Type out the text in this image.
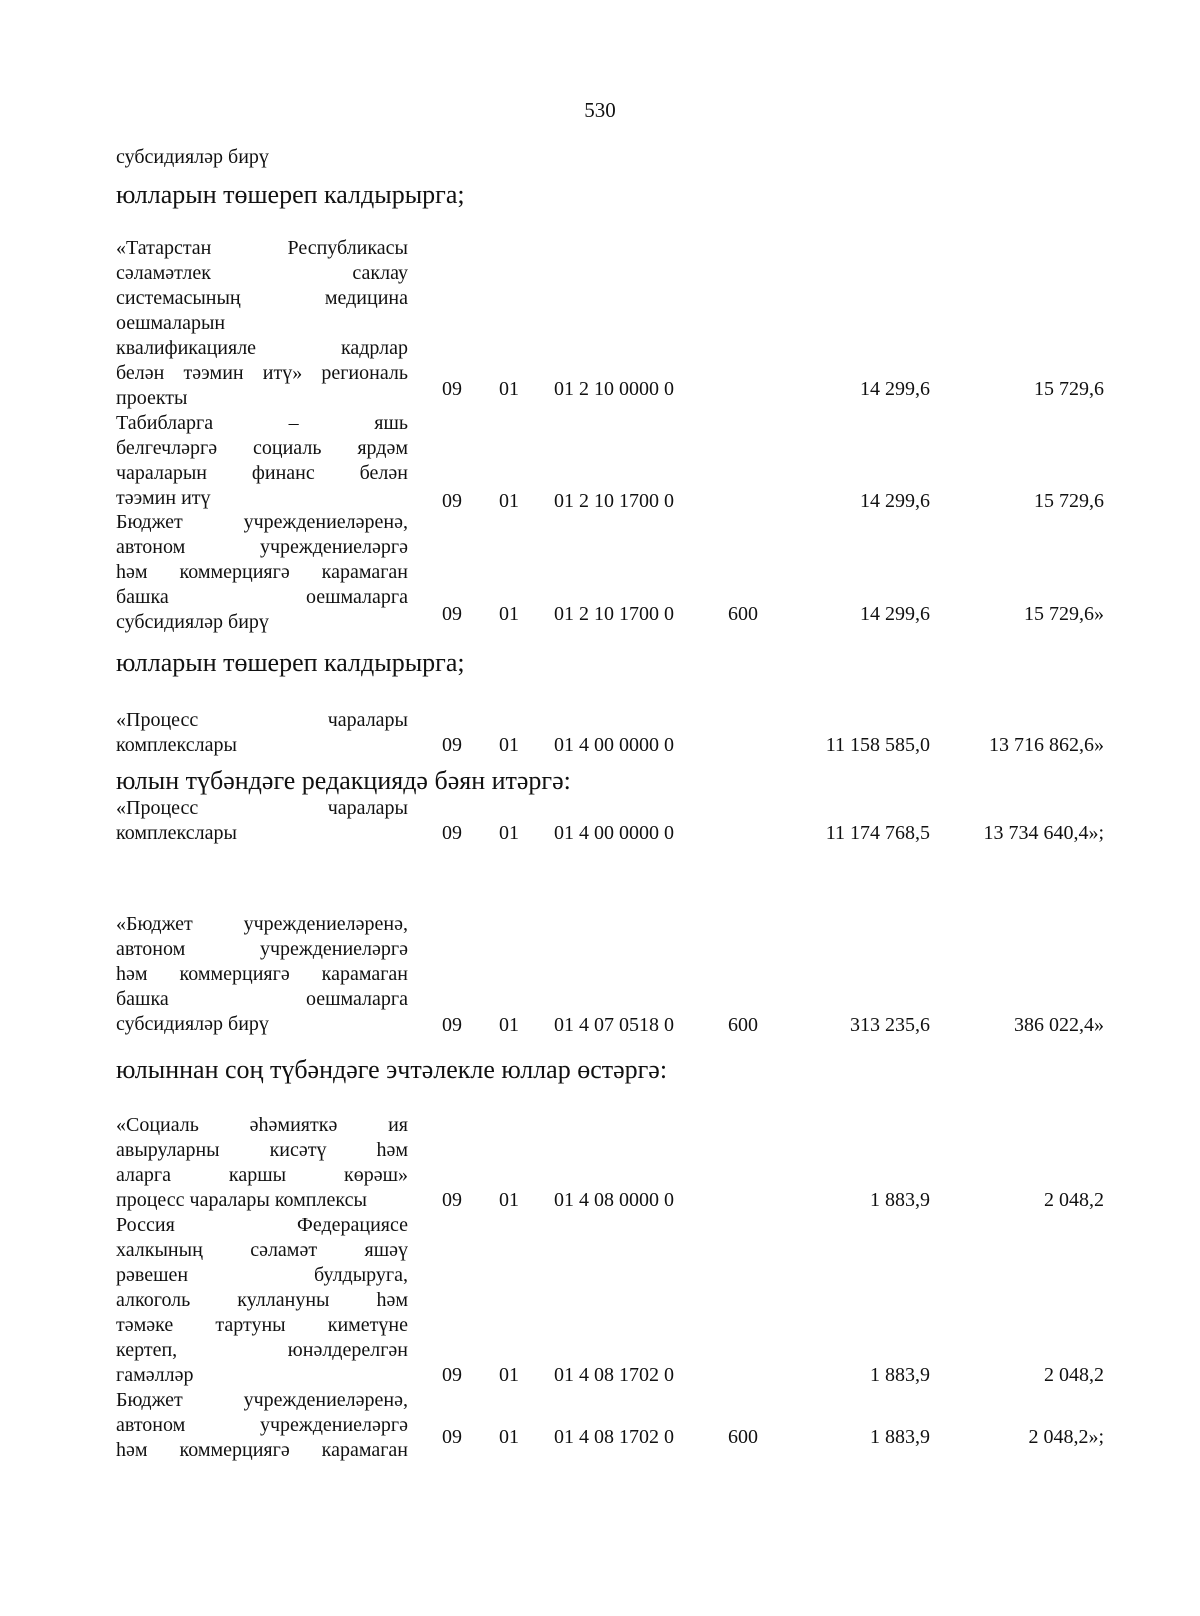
530
субсидияләр бирү
юлларын төшереп калдырырга;
«Татарстан Республикасы
сәламәтлек саклау
системасының медицина
оешмаларын
квалификацияле кадрлар
белән тәэмин итү» региональ
проекты	09 01 01 2 10 0000 0	14 299,6	15 729,6
Табибларга – яшь
белгечләргә социаль ярдәм
чараларын финанс белән
тәэмин итү	09 01 01 2 10 1700 0	14 299,6	15 729,6
Бюджет учреждениеләренә,
автоном учреждениеләргә
һәм коммерциягә карамаган
башка оешмаларга
субсидияләр бирү	09 01 01 2 10 1700 0	600	14 299,6	15 729,6»
юлларын төшереп калдырырга;
«Процесс чаралары
комплекслары	09 01 01 4 00 0000 0	11 158 585,0	13 716 862,6»
юлын түбәндәге редакциядә бәян итәргә:
«Процесс чаралары
комплекслары	09 01 01 4 00 0000 0	11 174 768,5	13 734 640,4»;
«Бюджет учреждениеләренә,
автоном учреждениеләргә
һәм коммерциягә карамаган
башка оешмаларга
субсидияләр бирү	09 01 01 4 07 0518 0	600	313 235,6	386 022,4»
юлыннан соң түбәндәге эчтәлекле юллар өстәргә:
«Социаль әһәмияткә ия
авыруларны кисәтү һәм
аларга каршы көрәш»
процесс чаралары комплексы	09 01 01 4 08 0000 0	1 883,9	2 048,2
Россия Федерациясе
халкының сәламәт яшәү
рәвешен булдыруга,
алкоголь куллануны һәм
тәмәке тартуны киметүне
кертеп, юнәлдерелгән
гамәлләр	09 01 01 4 08 1702 0	1 883,9	2 048,2
Бюджет учреждениеләренә,
автоном учреждениеләргә
һәм коммерциягә карамаган
09 01 01 4 08 1702 0	600	1 883,9	2 048,2»;
